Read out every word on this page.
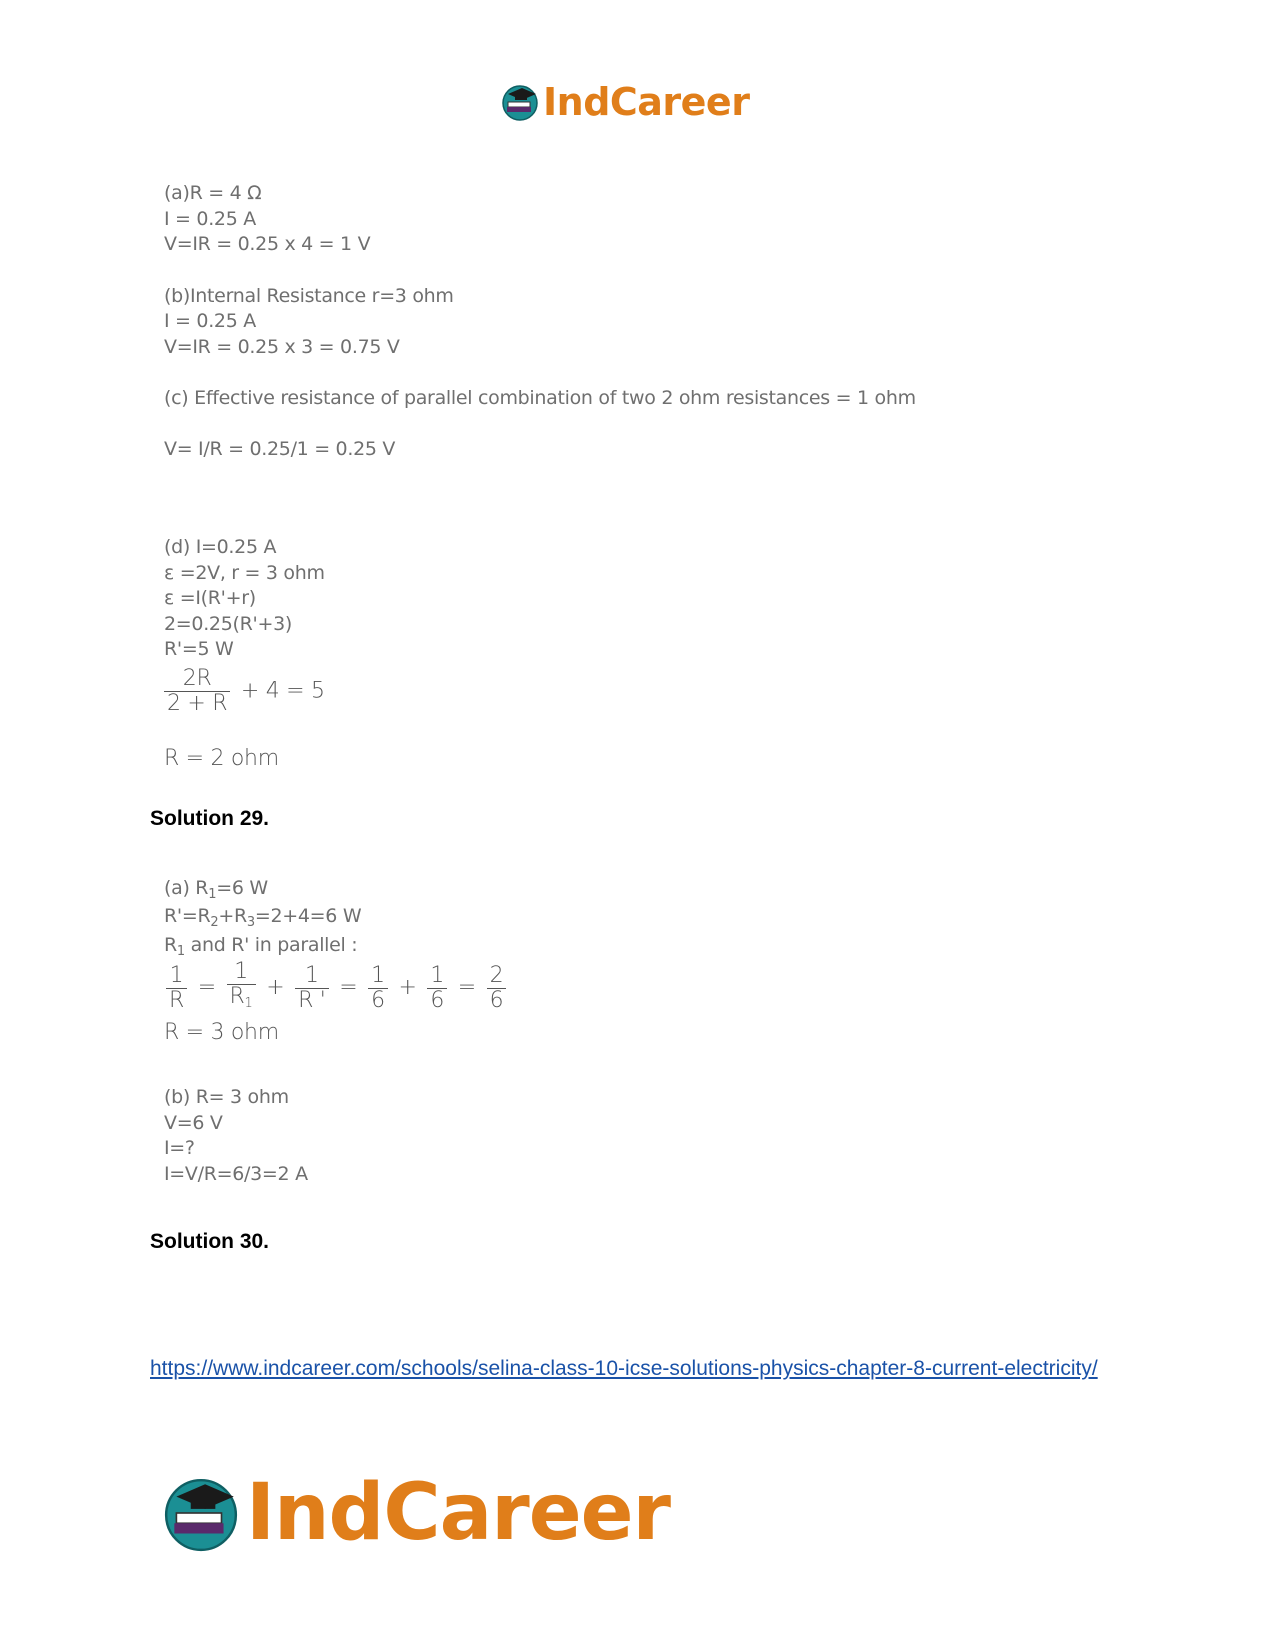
IndCareer
(a)R = 4 Ω
I = 0.25 A
V=IR = 0.25 x 4 = 1 V
(b)Internal Resistance r=3 ohm
I = 0.25 A
V=IR = 0.25 x 3 = 0.75 V
(c) Effective resistance of parallel combination of two 2 ohm resistances = 1 ohm
V= I/R = 0.25/1 = 0.25 V
(d) I=0.25 A
ε =2V, r = 3 ohm
ε =I(R'+r)
2=0.25(R'+3)
R'=5 W
$\frac{2R}{2 + R} + 4 = 5$
R = 2 ohm
Solution 29.
(a) $R_1=6$ W
$R'=R_2+R_3=2+4=6$ W
$R_1$ and R' in parallel :
$\frac{1}{R} = \frac{1}{R_1} + \frac{1}{R '} = \frac{1}{6} + \frac{1}{6} = \frac{2}{6}$
R = 3 ohm
(b) R= 3 ohm
V=6 V
I=?
I=V/R=6/3=2 A
Solution 30.
https://www.indcareer.com/schools/selina-class-10-icse-solutions-physics-chapter-8-current-electricity/
IndCareer
